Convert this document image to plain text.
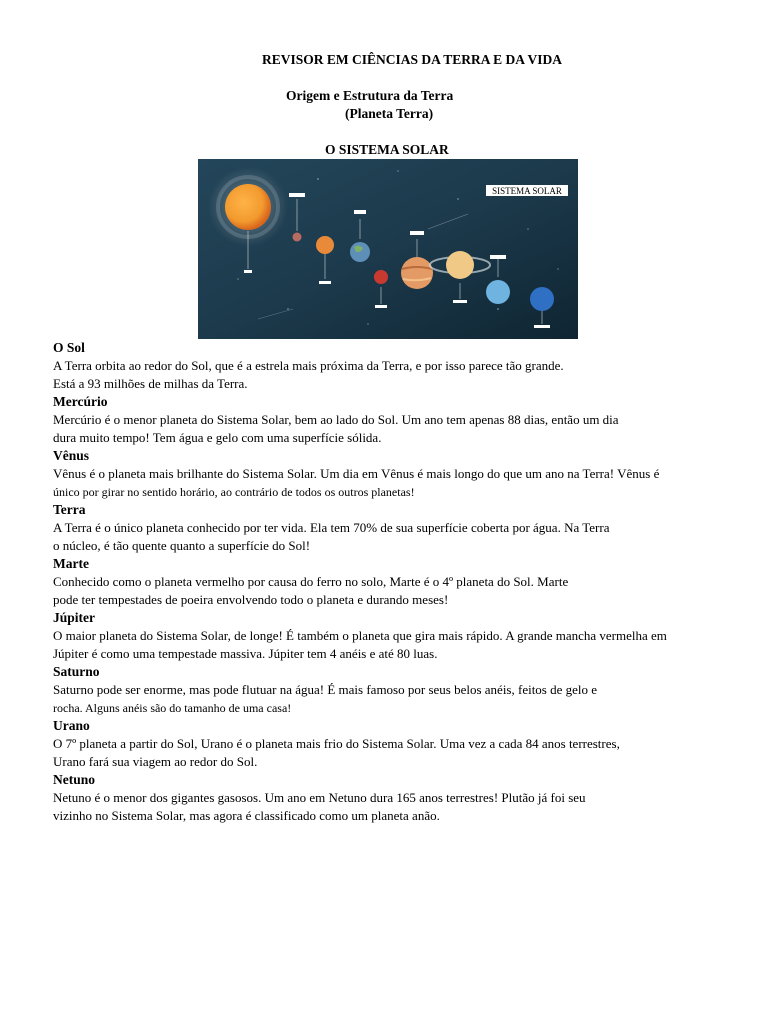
REVISOR EM CIÊNCIAS DA TERRA E DA VIDA
Origem e Estrutura da Terra
(Planeta Terra)
O SISTEMA SOLAR
SISTEMA SOLAR
O Sol
A Terra orbita ao redor do Sol, que é a estrela mais próxima da Terra, e por isso parece tão grande.
Está a 93 milhões de milhas da Terra.
Mercúrio
Mercúrio é o menor planeta do Sistema Solar, bem ao lado do Sol. Um ano tem apenas 88 dias, então um dia
dura muito tempo! Tem água e gelo com uma superfície sólida.
Vênus
Vênus é o planeta mais brilhante do Sistema Solar. Um dia em Vênus é mais longo do que um ano na Terra! Vênus é
único por girar no sentido horário, ao contrário de todos os outros planetas!
Terra
A Terra é o único planeta conhecido por ter vida. Ela tem 70% de sua superfície coberta por água. Na Terra
o núcleo, é tão quente quanto a superfície do Sol!
Marte
Conhecido como o planeta vermelho por causa do ferro no solo, Marte é o 4º planeta do Sol. Marte
pode ter tempestades de poeira envolvendo todo o planeta e durando meses!
Júpiter
O maior planeta do Sistema Solar, de longe! É também o planeta que gira mais rápido. A grande mancha vermelha em
Júpiter é como uma tempestade massiva. Júpiter tem 4 anéis e até 80 luas.
Saturno
Saturno pode ser enorme, mas pode flutuar na água! É mais famoso por seus belos anéis, feitos de gelo e
rocha. Alguns anéis são do tamanho de uma casa!
Urano
O 7º planeta a partir do Sol, Urano é o planeta mais frio do Sistema Solar. Uma vez a cada 84 anos terrestres,
Urano fará sua viagem ao redor do Sol.
Netuno
Netuno é o menor dos gigantes gasosos. Um ano em Netuno dura 165 anos terrestres! Plutão já foi seu
vizinho no Sistema Solar, mas agora é classificado como um planeta anão.
